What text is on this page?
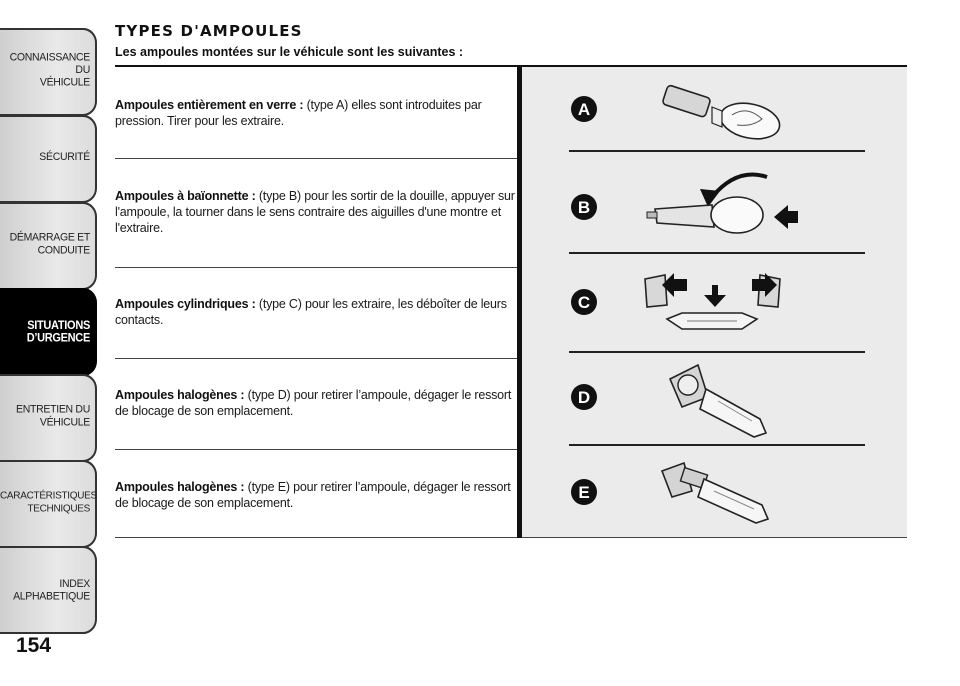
CONNAISSANCE DU
VÉHICULE
SÉCURITÉ
DÉMARRAGE ET
CONDUITE
SITUATIONS
D’URGENCE
ENTRETIEN DU
VÉHICULE
CARACTÉRISTIQUES
TECHNIQUES
INDEX
ALPHABETIQUE
154
TYPES D'AMPOULES
Les ampoules montées sur le véhicule sont les suivantes :
Ampoules entièrement en verre : (type A) elles sont introduites par pression. Tirer pour les extraire.
Ampoules à baïonnette : (type B) pour les sortir de la douille, appuyer sur l'ampoule, la tourner dans le sens contraire des aiguilles d'une montre et l'extraire.
Ampoules cylindriques : (type C) pour les extraire, les déboîter de leurs contacts.
Ampoules halogènes : (type D) pour retirer l’ampoule, dégager le ressort de blocage de son emplacement.
Ampoules halogènes : (type E) pour retirer l’ampoule, dégager le ressort de blocage de son emplacement.
A
B
C
D
E
